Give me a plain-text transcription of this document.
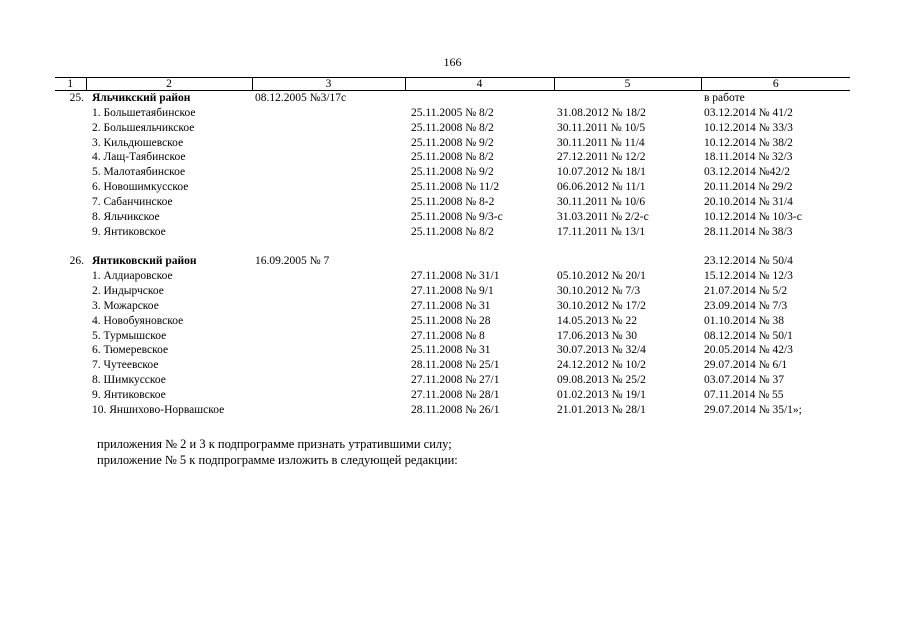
166
1	2	3	4	5	6
25.	Яльчикский район	08.12.2005 №3/17с			в работе
	1. Большетаябинское		25.11.2005 № 8/2	31.08.2012 № 18/2	03.12.2014 № 41/2
	2. Большеяльчикское		25.11.2008 № 8/2	30.11.2011 № 10/5	10.12.2014 № 33/3
	3. Кильдюшевское		25.11.2008 № 9/2	30.11.2011 № 11/4	10.12.2014 № 38/2
	4. Лащ-Таябинское		25.11.2008 № 8/2	27.12.2011 № 12/2	18.11.2014 № 32/3
	5. Малотаябинское		25.11.2008 № 9/2	10.07.2012 № 18/1	03.12.2014 №42/2
	6. Новошимкусское		25.11.2008 № 11/2	06.06.2012 № 11/1	20.11.2014 № 29/2
	7. Сабанчинское		25.11.2008 № 8-2	30.11.2011 № 10/6	20.10.2014 № 31/4
	8. Яльчикское		25.11.2008 № 9/3-с	31.03.2011 № 2/2-с	10.12.2014 № 10/3-с
	9. Янтиковское		25.11.2008 № 8/2	17.11.2011 № 13/1	28.11.2014 № 38/3

26.	Янтиковский район	16.09.2005 № 7			23.12.2014 № 50/4
	1. Алдиаровское		27.11.2008 № 31/1	05.10.2012 № 20/1	15.12.2014 № 12/3
	2. Индырчское		27.11.2008 № 9/1	30.10.2012 № 7/3	21.07.2014 № 5/2
	3. Можарское		27.11.2008 № 31	30.10.2012 № 17/2	23.09.2014 № 7/3
	4. Новобуяновское		25.11.2008 № 28	14.05.2013 № 22	01.10.2014 № 38
	5. Турмышское		27.11.2008 № 8	17.06.2013 № 30	08.12.2014 № 50/1
	6. Тюмеревское		25.11.2008 № 31	30.07.2013 № 32/4	20.05.2014 № 42/3
	7. Чутеевское		28.11.2008 № 25/1	24.12.2012 № 10/2	29.07.2014 № 6/1
	8. Шимкусское		27.11.2008 № 27/1	09.08.2013 № 25/2	03.07.2014 № 37
	9. Янтиковское		27.11.2008 № 28/1	01.02.2013 № 19/1	07.11.2014 № 55
	10. Яншихово-Норвашское		28.11.2008 № 26/1	21.01.2013 № 28/1	29.07.2014 № 35/1»;
приложения № 2 и 3 к подпрограмме признать утратившими силу;
приложение № 5 к подпрограмме изложить в следующей редакции:
